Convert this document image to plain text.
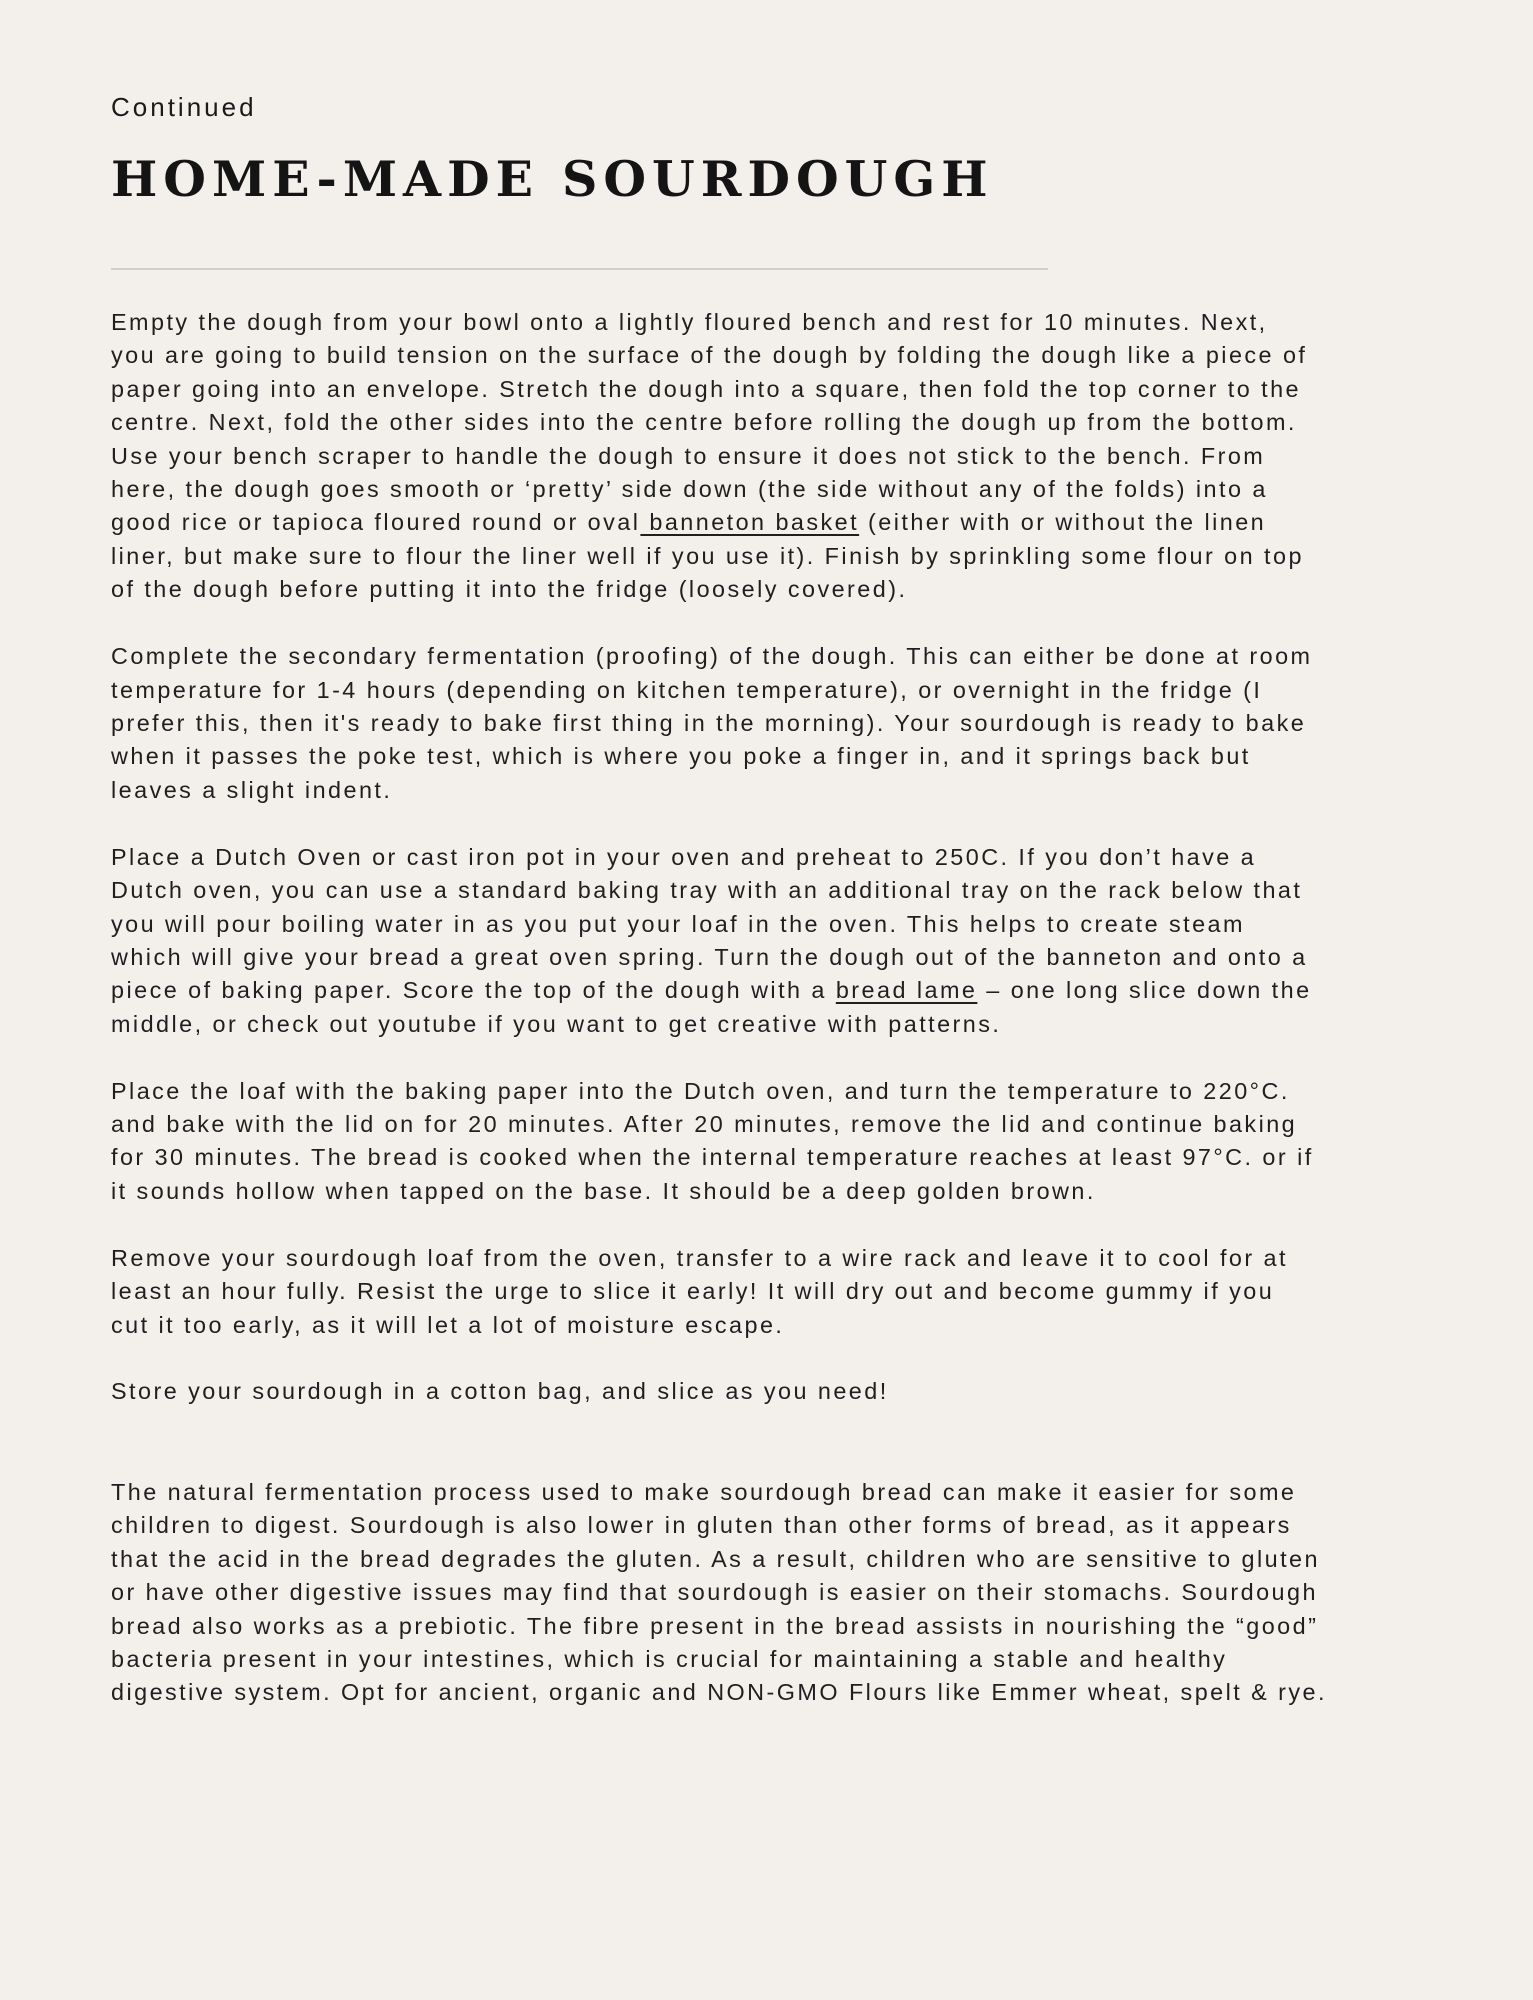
Continued

HOME-MADE SOURDOUGH

Empty the dough from your bowl onto a lightly floured bench and rest for 10 minutes. Next,
you are going to build tension on the surface of the dough by folding the dough like a piece of
paper going into an envelope. Stretch the dough into a square, then fold the top corner to the
centre. Next, fold the other sides into the centre before rolling the dough up from the bottom.
Use your bench scraper to handle the dough to ensure it does not stick to the bench. From
here, the dough goes smooth or ‘pretty’ side down (the side without any of the folds) into a
good rice or tapioca floured round or oval banneton basket (either with or without the linen
liner, but make sure to flour the liner well if you use it). Finish by sprinkling some flour on top
of the dough before putting it into the fridge (loosely covered).

Complete the secondary fermentation (proofing) of the dough. This can either be done at room
temperature for 1-4 hours (depending on kitchen temperature), or overnight in the fridge (I
prefer this, then it's ready to bake first thing in the morning). Your sourdough is ready to bake
when it passes the poke test, which is where you poke a finger in, and it springs back but
leaves a slight indent.

Place a Dutch Oven or cast iron pot in your oven and preheat to 250C. If you don’t have a
Dutch oven, you can use a standard baking tray with an additional tray on the rack below that
you will pour boiling water in as you put your loaf in the oven. This helps to create steam
which will give your bread a great oven spring. Turn the dough out of the banneton and onto a
piece of baking paper. Score the top of the dough with a bread lame – one long slice down the
middle, or check out youtube if you want to get creative with patterns.

Place the loaf with the baking paper into the Dutch oven, and turn the temperature to 220°C.
and bake with the lid on for 20 minutes. After 20 minutes, remove the lid and continue baking
for 30 minutes. The bread is cooked when the internal temperature reaches at least 97°C. or if
it sounds hollow when tapped on the base. It should be a deep golden brown.

Remove your sourdough loaf from the oven, transfer to a wire rack and leave it to cool for at
least an hour fully. Resist the urge to slice it early! It will dry out and become gummy if you
cut it too early, as it will let a lot of moisture escape.

Store your sourdough in a cotton bag, and slice as you need!

The natural fermentation process used to make sourdough bread can make it easier for some
children to digest. Sourdough is also lower in gluten than other forms of bread, as it appears
that the acid in the bread degrades the gluten. As a result, children who are sensitive to gluten
or have other digestive issues may find that sourdough is easier on their stomachs. Sourdough
bread also works as a prebiotic. The fibre present in the bread assists in nourishing the “good”
bacteria present in your intestines, which is crucial for maintaining a stable and healthy
digestive system. Opt for ancient, organic and NON-GMO Flours like Emmer wheat, spelt & rye.
